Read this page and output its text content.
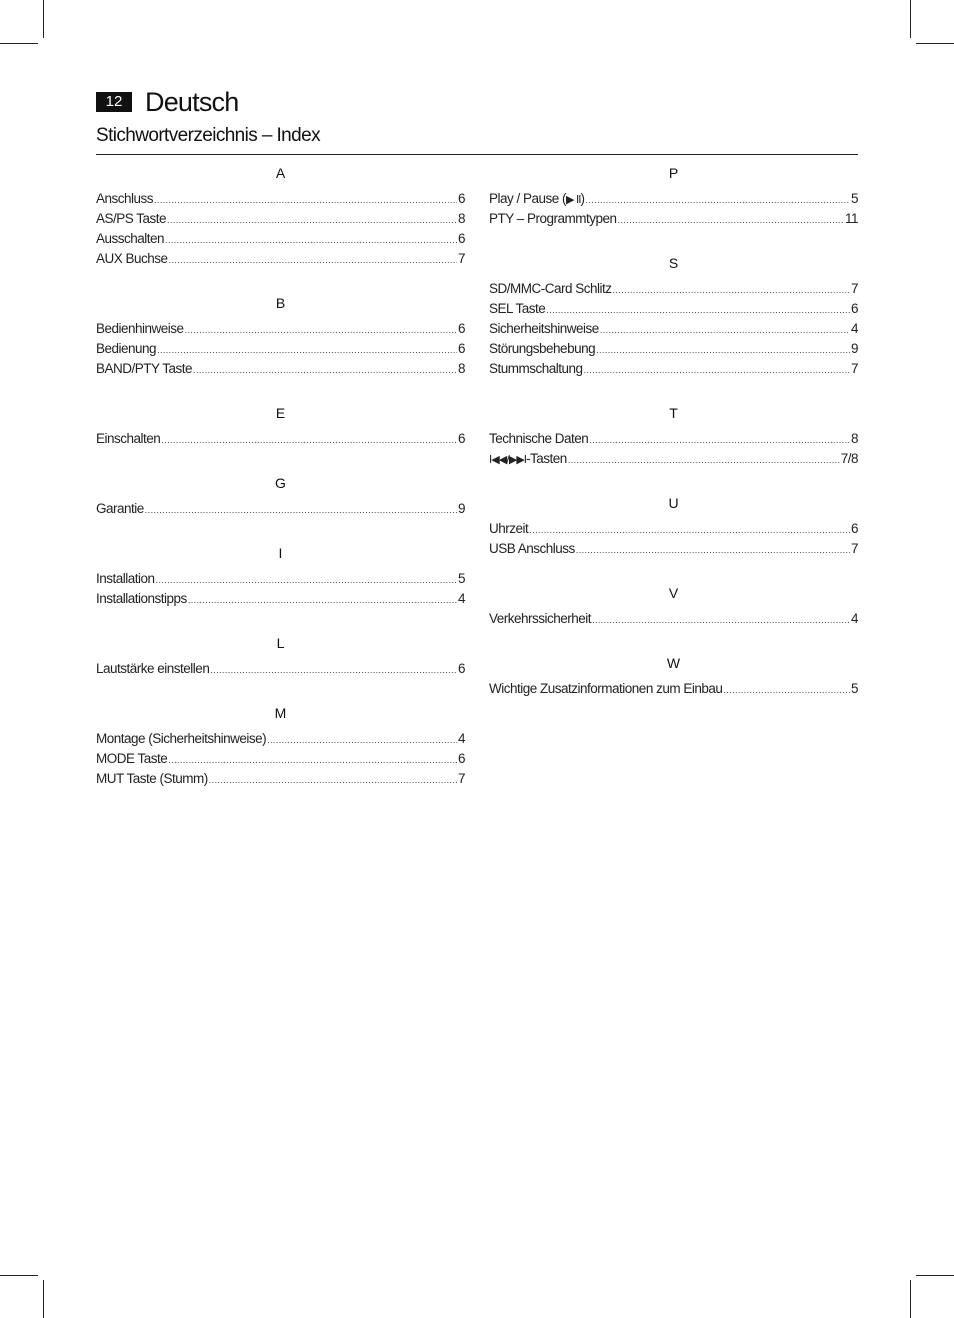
12 Deutsch
Stichwortverzeichnis – Index
A
Anschluss .....	6
AS/PS Taste .....	8
Ausschalten .....	6
AUX Buchse .....	7
B
Bedienhinweise .....	6
Bedienung .....	6
BAND/PTY Taste .....	8
E
Einschalten .....	6
G
Garantie .....	9
I
Installation .....	5
Installationstipps .....	4
L
Lautstärke einstellen .....	6
M
Montage (Sicherheitshinweise) .....	4
MODE Taste .....	6
MUT Taste (Stumm) .....	7
P
Play / Pause (▶ II) .....	5
PTY – Programmtypen .....	11
S
SD/MMC-Card Schlitz .....	7
SEL Taste .....	6
Sicherheitshinweise .....	4
Störungsbehebung .....	9
Stummschaltung .....	7
T
Technische Daten .....	8
I◀◀/▶▶I-Tasten .....	7/8
U
Uhrzeit .....	6
USB Anschluss .....	7
V
Verkehrssicherheit .....	4
W
Wichtige Zusatzinformationen zum Einbau .....	5
